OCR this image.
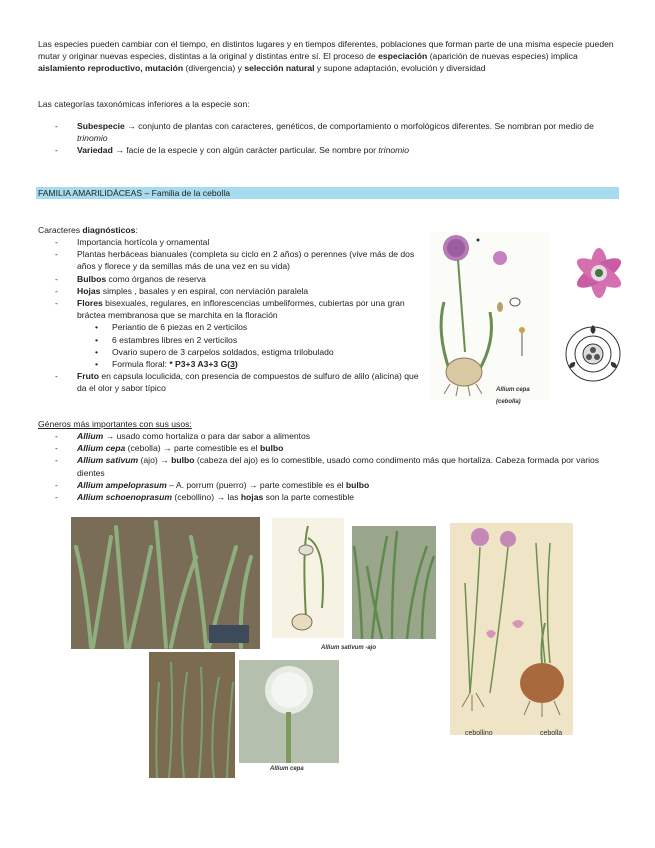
Las especies pueden cambiar con el tiempo, en distintos lugares y en tiempos diferentes, poblaciones que forman parte de una misma especie pueden mutar y originar nuevas especies, distintas a la original y distintas entre sí. El proceso de especiación (aparición de nuevas especies) implica aislamiento reproductivo, mutación (divergencia) y selección natural y supone adaptación, evolución y diversidad

Las categorías taxonómicas inferiores a la especie son:

- Subespecie → conjunto de plantas con caracteres, genéticos, de comportamiento o morfológicos diferentes. Se nombran por medio de trinomio
- Variedad → facie de la especie y con algún carácter particular. Se nombre por trinomio
FAMILIA AMARILIDÁCEAS – Familia de la cebolla

Caracteres diagnósticos:

- Importancia hortícola y ornamental
- Plantas herbáceas bianuales (completa su ciclo en 2 años) o perennes (vive más de dos años y florece y da semillas más de una vez en su vida)
- Bulbos como órganos de reserva
- Hojas simples , basales y en espiral, con nerviación paralela
- Flores bisexuales, regulares, en inflorescencias umbeliformes, cubiertas por una gran bráctea membranosa que se marchita en la floración
• Periantio de 6 piezas en 2 verticilos
• 6 estambres libres en 2 verticilos
• Ovario supero de 3 carpelos soldados, estigma trilobulado
• Formula floral: * P3+3 A3+3 G(3)
- Fruto en capsula loculicida, con presencia de compuestos de sulfuro de alilo (alicina) que da el olor y sabor típico	Allium cepa (cebolla)

Géneros más importantes con sus usos:

- Allium → usado como hortaliza o para dar sabor a alimentos
- Allium cepa (cebolla) → parte comestible es el bulbo
- Allium sativum (ajo) → bulbo (cabeza del ajo) es lo comestible, usado como condimento más que hortaliza. Cabeza formada por varios dientes
- Allium ampeloprasum – A. porrum (puerro) → parte comestible es el bulbo
- Allium schoenoprasum (cebollino) → las hojas son la parte comestible
Allium sativum -ajo
cebollino	cebolla
Allium cepa
